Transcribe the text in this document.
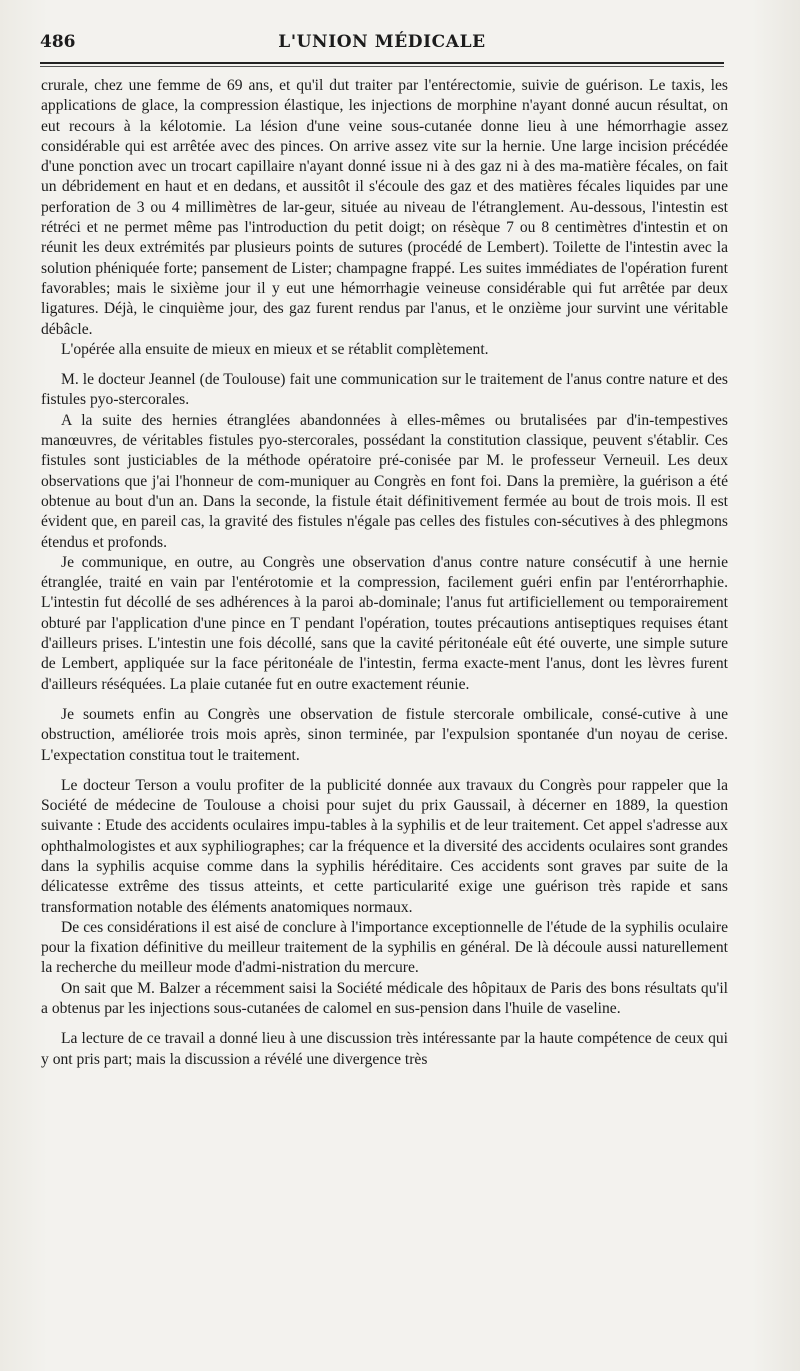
486	L'UNION MÉDICALE

crurale, chez une femme de 69 ans, et qu'il dut traiter par l'entérectomie, suivie de guérison. Le taxis, les applications de glace, la compression élastique, les injections de morphine n'ayant donné aucun résultat, on eut recours à la kélotomie. La lésion d'une veine sous-cutanée donne lieu à une hémorrhagie assez considérable qui est arrêtée avec des pinces. On arrive assez vite sur la hernie. Une large incision précédée d'une ponction avec un trocart capillaire n'ayant donné issue ni à des gaz ni à des ma-matière fécales, on fait un débridement en haut et en dedans, et aussitôt il s'écoule des gaz et des matières fécales liquides par une perforation de 3 ou 4 millimètres de lar-geur, située au niveau de l'étranglement. Au-dessous, l'intestin est rétréci et ne permet même pas l'introduction du petit doigt; on résèque 7 ou 8 centimètres d'intestin et on réunit les deux extrémités par plusieurs points de sutures (procédé de Lembert). Toilette de l'intestin avec la solution phéniquée forte; pansement de Lister; champagne frappé. Les suites immédiates de l'opération furent favorables; mais le sixième jour il y eut une hémorrhagie veineuse considérable qui fut arrêtée par deux ligatures. Déjà, le cinquième jour, des gaz furent rendus par l'anus, et le onzième jour survint une véritable débâcle.

L'opérée alla ensuite de mieux en mieux et se rétablit complètement.

M. le docteur Jeannel (de Toulouse) fait une communication sur le traitement de l'anus contre nature et des fistules pyo-stercorales.

A la suite des hernies étranglées abandonnées à elles-mêmes ou brutalisées par d'in-tempestives manœuvres, de véritables fistules pyo-stercorales, possédant la constitution classique, peuvent s'établir. Ces fistules sont justiciables de la méthode opératoire pré-conisée par M. le professeur Verneuil. Les deux observations que j'ai l'honneur de com-muniquer au Congrès en font foi. Dans la première, la guérison a été obtenue au bout d'un an. Dans la seconde, la fistule était définitivement fermée au bout de trois mois. Il est évident que, en pareil cas, la gravité des fistules n'égale pas celles des fistules con-sécutives à des phlegmons étendus et profonds.

Je communique, en outre, au Congrès une observation d'anus contre nature consécutif à une hernie étranglée, traité en vain par l'entérotomie et la compression, facilement guéri enfin par l'entérorrhaphie. L'intestin fut décollé de ses adhérences à la paroi ab-dominale; l'anus fut artificiellement ou temporairement obturé par l'application d'une pince en T pendant l'opération, toutes précautions antiseptiques requises étant d'ailleurs prises. L'intestin une fois décollé, sans que la cavité péritonéale eût été ouverte, une simple suture de Lembert, appliquée sur la face péritonéale de l'intestin, ferma exacte-ment l'anus, dont les lèvres furent d'ailleurs réséquées. La plaie cutanée fut en outre exactement réunie.

Je soumets enfin au Congrès une observation de fistule stercorale ombilicale, consé-cutive à une obstruction, améliorée trois mois après, sinon terminée, par l'expulsion spontanée d'un noyau de cerise. L'expectation constitua tout le traitement.

Le docteur Terson a voulu profiter de la publicité donnée aux travaux du Congrès pour rappeler que la Société de médecine de Toulouse a choisi pour sujet du prix Gaussail, à décerner en 1889, la question suivante : Etude des accidents oculaires impu-tables à la syphilis et de leur traitement. Cet appel s'adresse aux ophthalmologistes et aux syphiliographes; car la fréquence et la diversité des accidents oculaires sont grandes dans la syphilis acquise comme dans la syphilis héréditaire. Ces accidents sont graves par suite de la délicatesse extrême des tissus atteints, et cette particularité exige une guérison très rapide et sans transformation notable des éléments anatomiques normaux.

De ces considérations il est aisé de conclure à l'importance exceptionnelle de l'étude de la syphilis oculaire pour la fixation définitive du meilleur traitement de la syphilis en général. De là découle aussi naturellement la recherche du meilleur mode d'admi-nistration du mercure.

On sait que M. Balzer a récemment saisi la Société médicale des hôpitaux de Paris des bons résultats qu'il a obtenus par les injections sous-cutanées de calomel en sus-pension dans l'huile de vaseline.

La lecture de ce travail a donné lieu à une discussion très intéressante par la haute compétence de ceux qui y ont pris part; mais la discussion a révélé une divergence très
